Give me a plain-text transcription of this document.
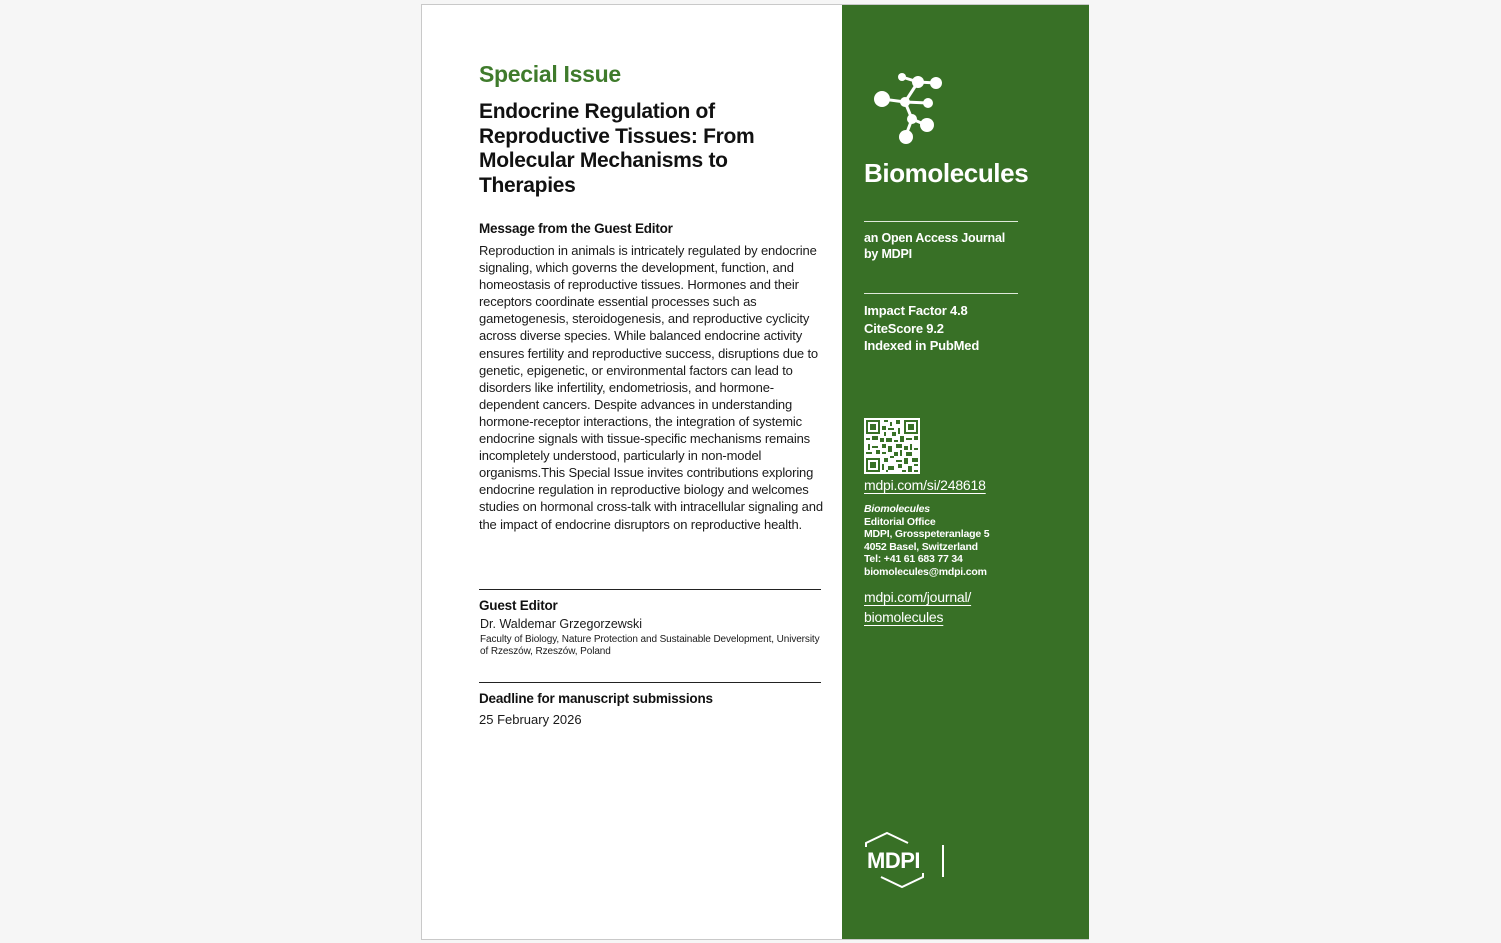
Special Issue
Endocrine Regulation of Reproductive Tissues: From Molecular Mechanisms to Therapies
Message from the Guest Editor
Reproduction in animals is intricately regulated by endocrine signaling, which governs the development, function, and homeostasis of reproductive tissues. Hormones and their receptors coordinate essential processes such as gametogenesis, steroidogenesis, and reproductive cyclicity across diverse species. While balanced endocrine activity ensures fertility and reproductive success, disruptions due to genetic, epigenetic, or environmental factors can lead to disorders like infertility, endometriosis, and hormone-dependent cancers. Despite advances in understanding hormone-receptor interactions, the integration of systemic endocrine signals with tissue-specific mechanisms remains incompletely understood, particularly in non-model organisms.This Special Issue invites contributions exploring endocrine regulation in reproductive biology and welcomes studies on hormonal cross-talk with intracellular signaling and the impact of endocrine disruptors on reproductive health.
Guest Editor
Dr. Waldemar Grzegorzewski
Faculty of Biology, Nature Protection and Sustainable Development, University of Rzeszów, Rzeszów, Poland
Deadline for manuscript submissions
25 February 2026
Biomolecules
an Open Access Journal
by MDPI
Impact Factor 4.8
CiteScore 9.2
Indexed in PubMed
mdpi.com/si/248618
Biomolecules
Editorial Office
MDPI, Grosspeteranlage 5
4052 Basel, Switzerland
Tel: +41 61 683 77 34
biomolecules@mdpi.com
mdpi.com/journal/
biomolecules
MDPI
